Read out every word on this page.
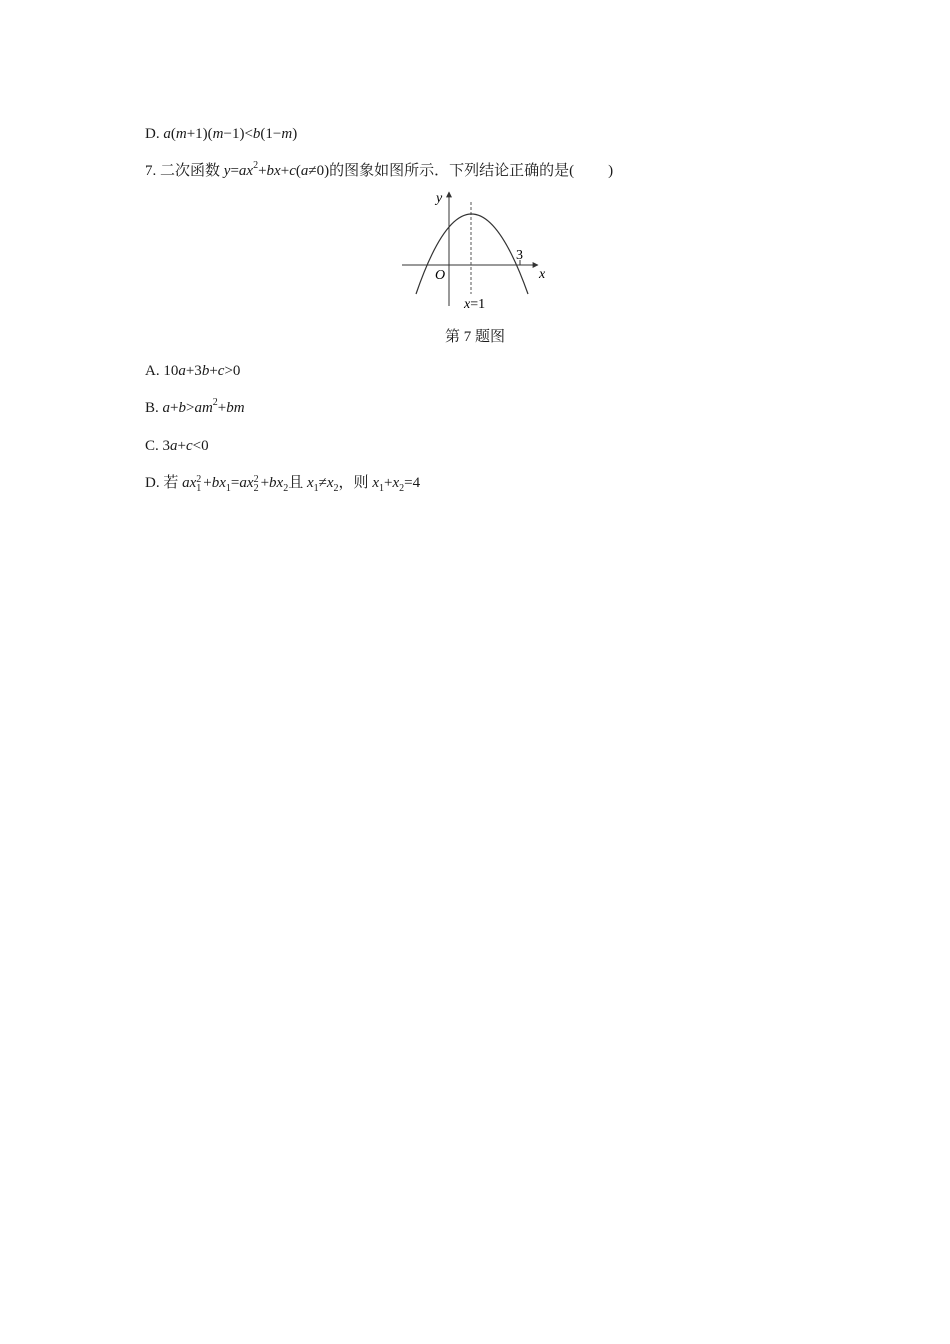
D. a(m+1)(m−1)<b(1−m)
7. 二次函数 $y=ax^2+bx+c(a\ne 0)$的图象如图所示．下列结论正确的是( )
y
x
O
3
x=1
第 7 题图
A. 10a+3b+c>0
B. $a+b>am^2+bm$
C. 3a+c<0
D. 若 ax 2
$1 +bx_1=ax$ 2
$2 +bx_2$且 $x_1\ne x_2$，则 $x_1+x_2=4$
